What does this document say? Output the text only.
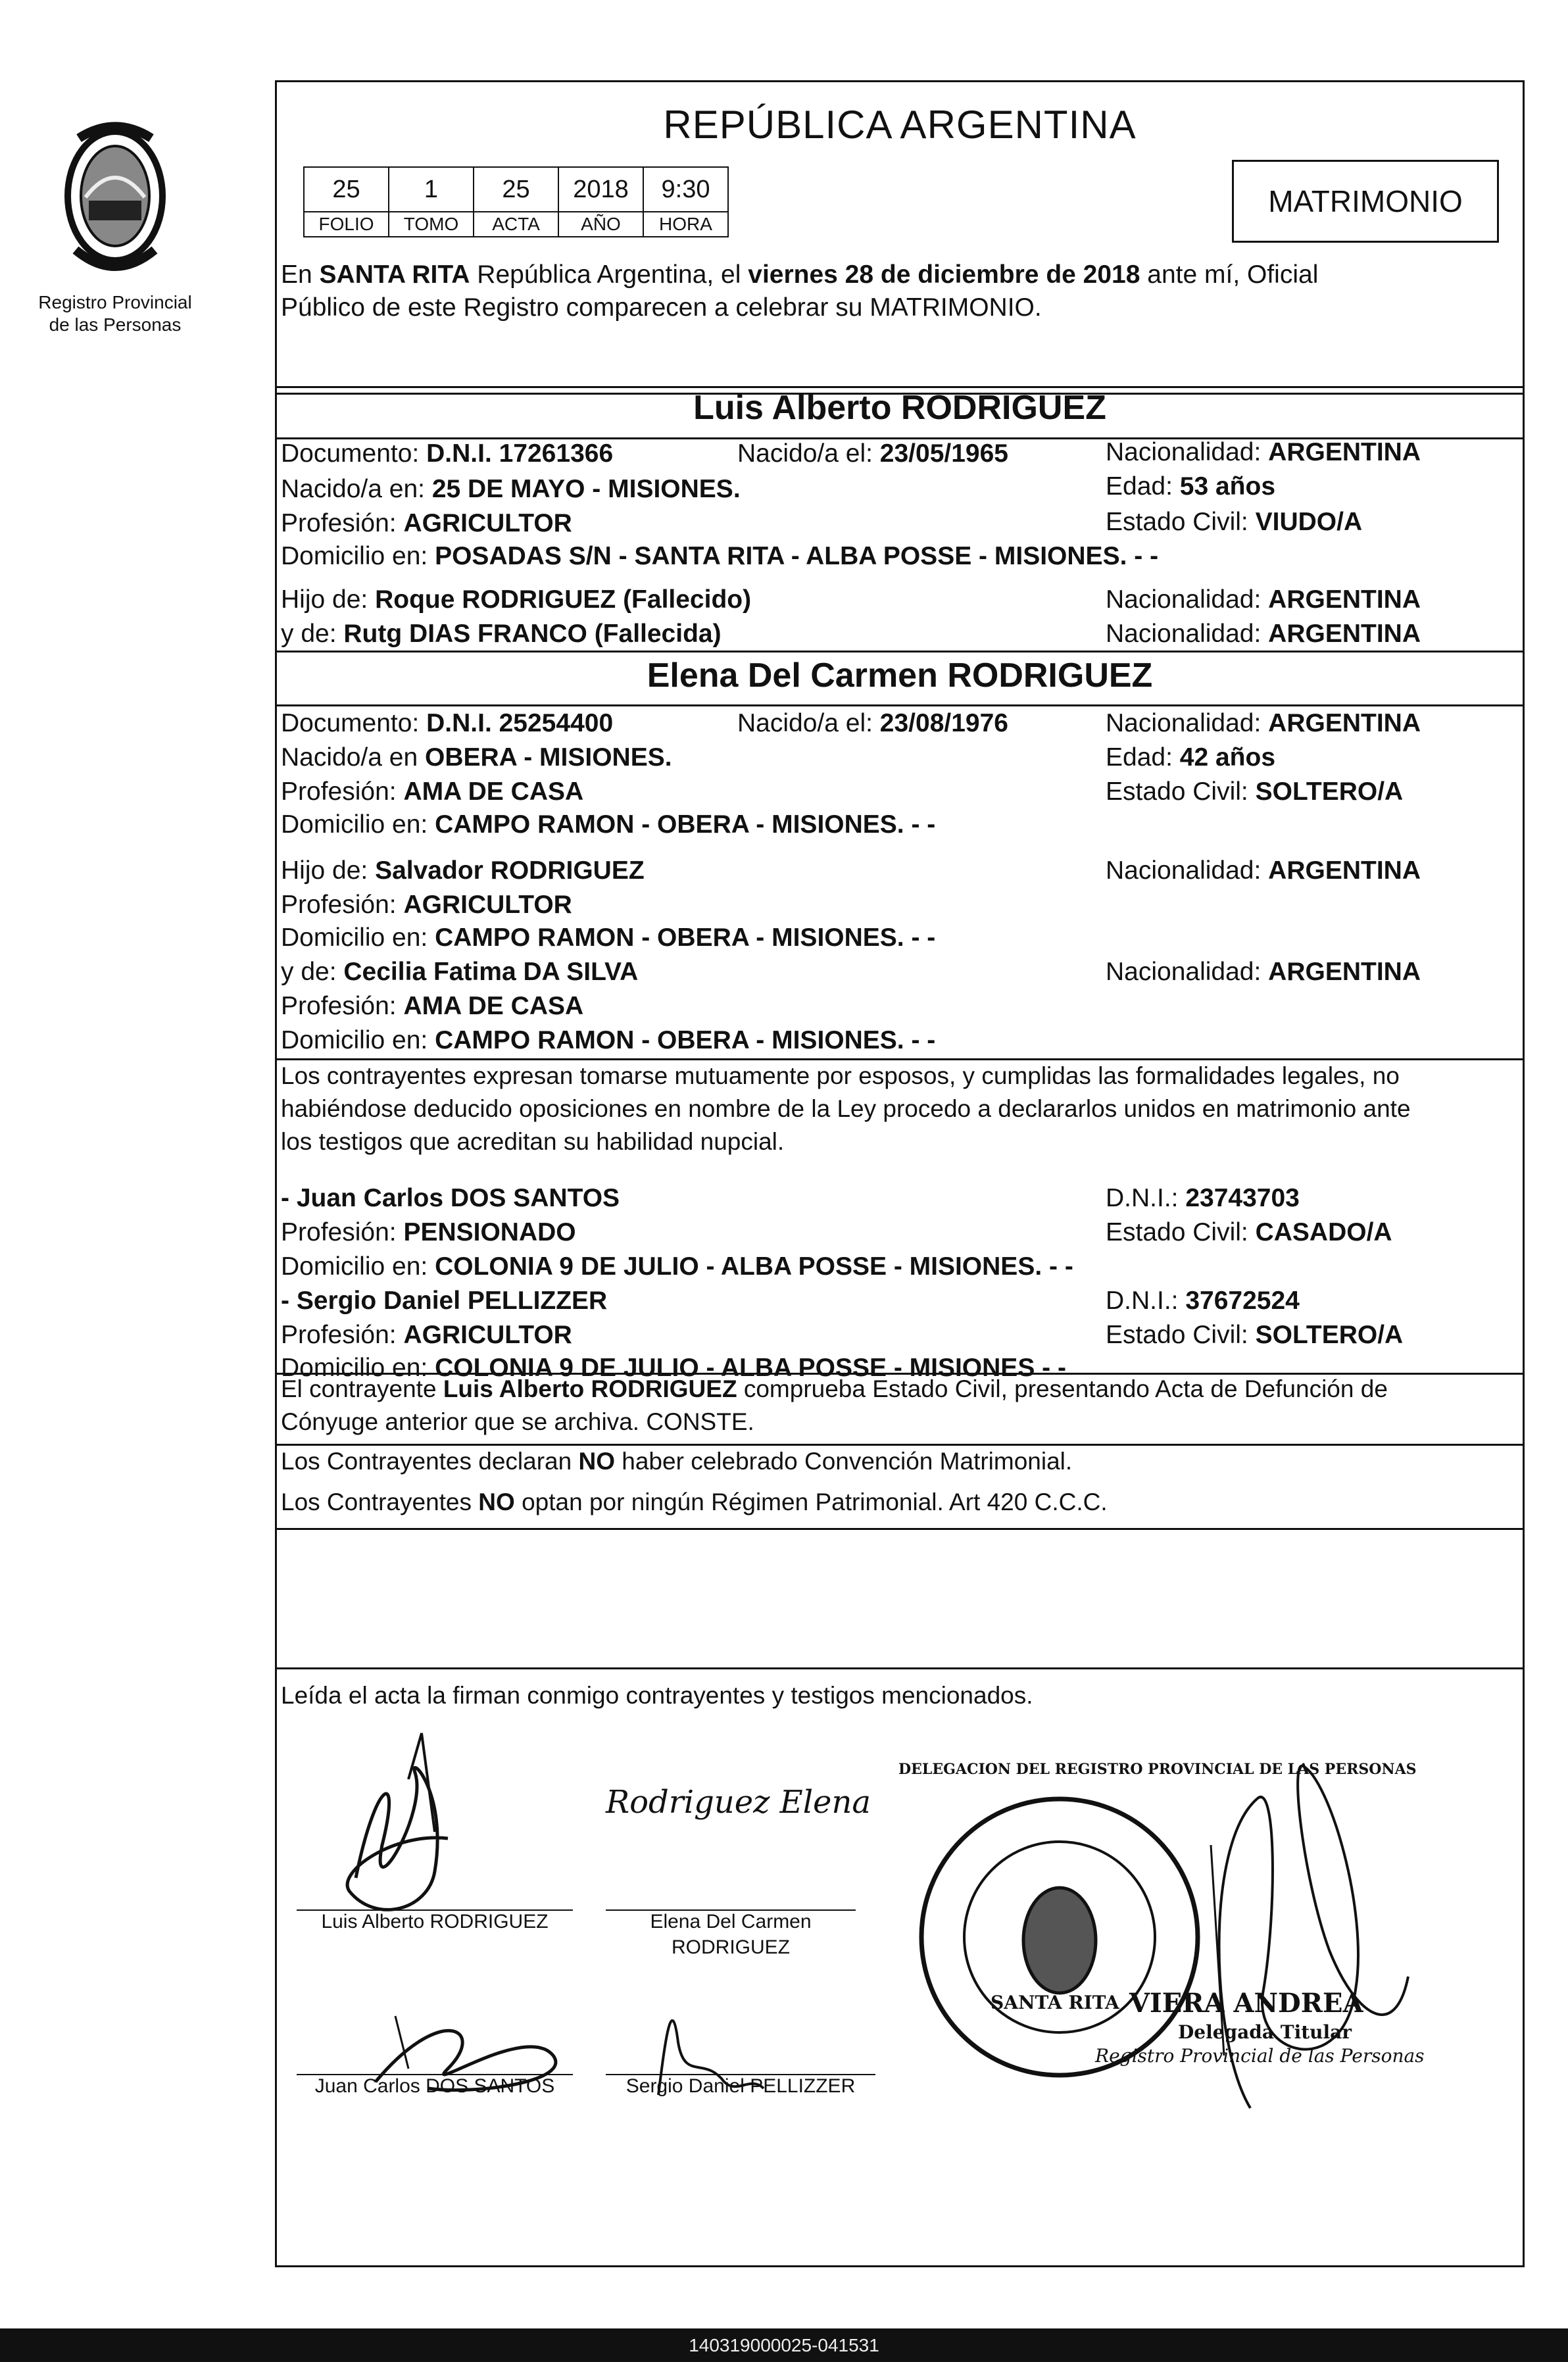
Registro Provincial
de las Personas
REPÚBLICA ARGENTINA
25	1	25	2018	9:30
FOLIO	TOMO	ACTA	AÑO	HORA
MATRIMONIO
En SANTA RITA República Argentina, el viernes 28 de diciembre de 2018 ante mí, Oficial
Público de este Registro comparecen a celebrar su MATRIMONIO.
Luis Alberto RODRIGUEZ
Documento: D.N.I. 17261366	Nacido/a el: 23/05/1965	Nacionalidad: ARGENTINA
Nacido/a en: 25 DE MAYO - MISIONES.	Edad: 53 años
Profesión: AGRICULTOR	Estado Civil: VIUDO/A
Domicilio en: POSADAS S/N - SANTA RITA - ALBA POSSE - MISIONES. - -
Hijo de: Roque RODRIGUEZ (Fallecido)	Nacionalidad: ARGENTINA
y de: Rutg DIAS FRANCO (Fallecida)	Nacionalidad: ARGENTINA
Elena Del Carmen RODRIGUEZ
Documento: D.N.I. 25254400	Nacido/a el: 23/08/1976	Nacionalidad: ARGENTINA
Nacido/a en OBERA - MISIONES.	Edad: 42 años
Profesión: AMA DE CASA	Estado Civil: SOLTERO/A
Domicilio en: CAMPO RAMON - OBERA - MISIONES. - -
Hijo de: Salvador RODRIGUEZ	Nacionalidad: ARGENTINA
Profesión: AGRICULTOR
Domicilio en: CAMPO RAMON - OBERA - MISIONES. - -
y de: Cecilia Fatima DA SILVA	Nacionalidad: ARGENTINA
Profesión: AMA DE CASA
Domicilio en: CAMPO RAMON - OBERA - MISIONES. - -
Los contrayentes expresan tomarse mutuamente por esposos, y cumplidas las formalidades legales, no
habiéndose deducido oposiciones en nombre de la Ley procedo a declararlos unidos en matrimonio ante
los testigos que acreditan su habilidad nupcial.
- Juan Carlos DOS SANTOS	D.N.I.: 23743703
Profesión: PENSIONADO	Estado Civil: CASADO/A
Domicilio en: COLONIA 9 DE JULIO - ALBA POSSE - MISIONES. - -
- Sergio Daniel PELLIZZER	D.N.I.: 37672524
Profesión: AGRICULTOR	Estado Civil: SOLTERO/A
Domicilio en: COLONIA 9 DE JULIO - ALBA POSSE - MISIONES - -
El contrayente Luis Alberto RODRIGUEZ comprueba Estado Civil, presentando Acta de Defunción de
Cónyuge anterior que se archiva. CONSTE.
Los Contrayentes declaran NO haber celebrado Convención Matrimonial.
Los Contrayentes NO optan por ningún Régimen Patrimonial. Art 420 C.C.C.
Leída el acta la firman conmigo contrayentes y testigos mencionados.
Rodriguez Elena
Luis Alberto RODRIGUEZ	Elena Del Carmen
RODRIGUEZ
Juan Carlos DOS SANTOS	Sergio Daniel PELLIZZER
SANTA RITA
DELEGACION DEL REGISTRO PROVINCIAL DE LAS PERSONAS
VIERA ANDREA
Delegada Titular
Registro Provincial de las Personas
140319000025-041531
